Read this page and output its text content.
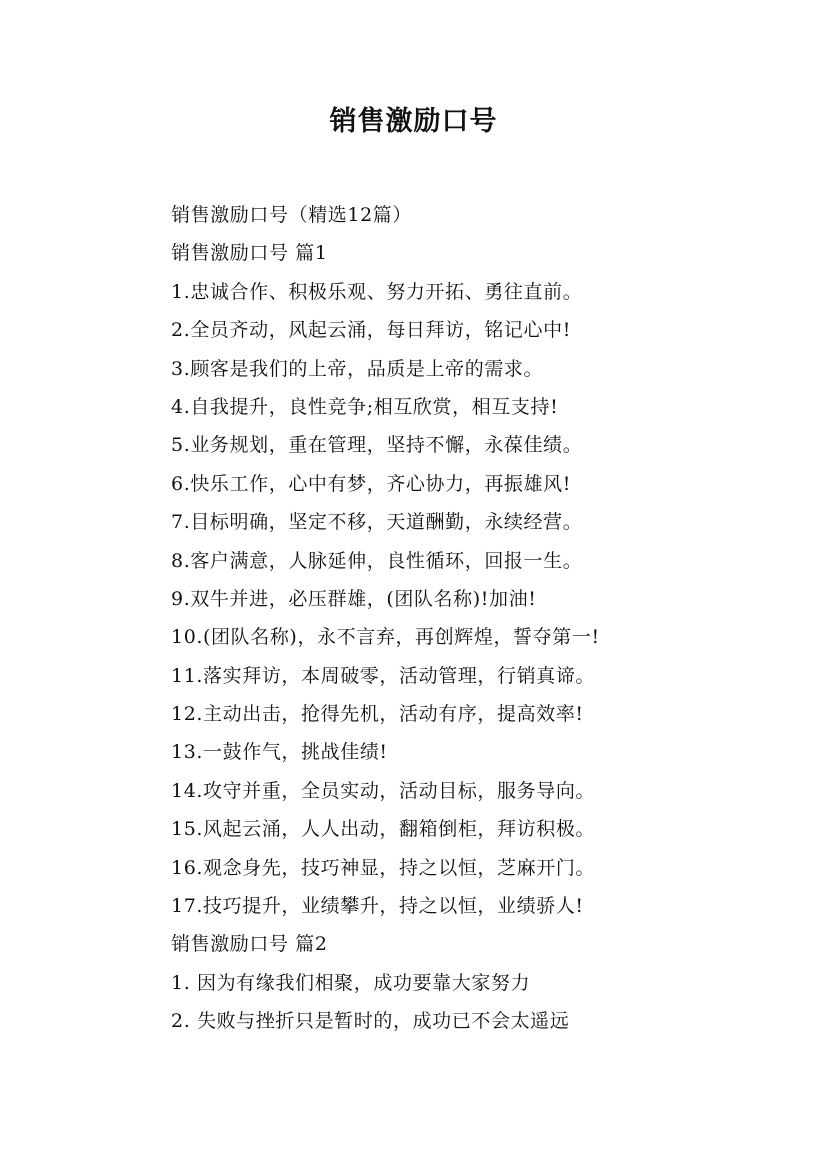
销售激励口号
销售激励口号（精选12篇）
销售激励口号 篇1
1.忠诚合作、积极乐观、努力开拓、勇往直前。
2.全员齐动，风起云涌，每日拜访，铭记心中!
3.顾客是我们的上帝，品质是上帝的需求。
4.自我提升，良性竞争;相互欣赏，相互支持!
5.业务规划，重在管理，坚持不懈，永葆佳绩。
6.快乐工作，心中有梦，齐心协力，再振雄风!
7.目标明确，坚定不移，天道酬勤，永续经营。
8.客户满意，人脉延伸，良性循环，回报一生。
9.双牛并进，必压群雄，(团队名称)!加油!
10.(团队名称)，永不言弃，再创辉煌，誓夺第一!
11.落实拜访，本周破零，活动管理，行销真谛。
12.主动出击，抢得先机，活动有序，提高效率!
13.一鼓作气，挑战佳绩!
14.攻守并重，全员实动，活动目标，服务导向。
15.风起云涌，人人出动，翻箱倒柜，拜访积极。
16.观念身先，技巧神显，持之以恒，芝麻开门。
17.技巧提升，业绩攀升，持之以恒，业绩骄人!
销售激励口号 篇2
1. 因为有缘我们相聚，成功要靠大家努力
2. 失败与挫折只是暂时的，成功已不会太遥远
